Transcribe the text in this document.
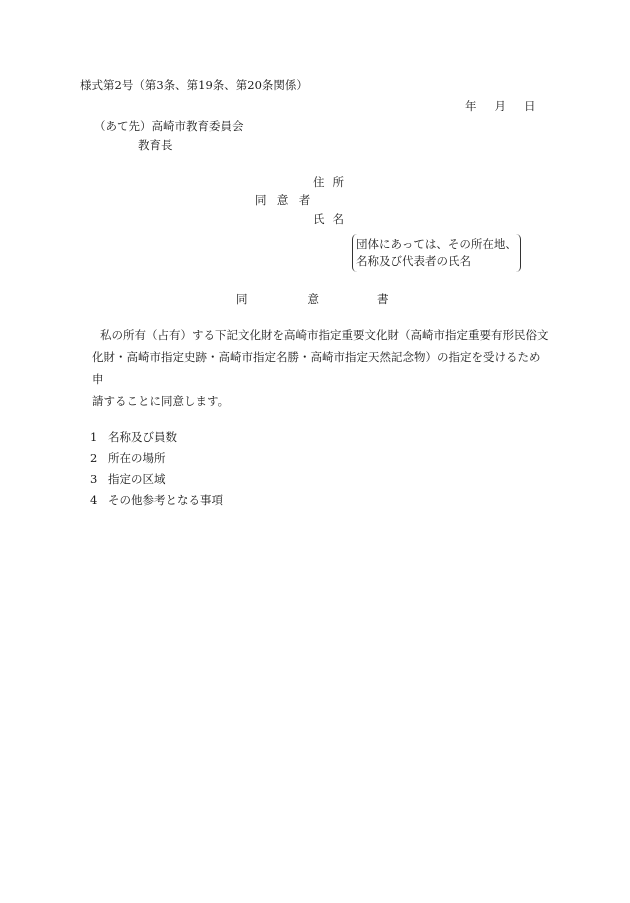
様式第2号（第3条、第19条、第20条関係）
年 月 日
（あて先）高崎市教育委員会
教育長
住所
同意者
氏名
団体にあっては、その所在地、
名称及び代表者の氏名
同	意	書
私の所有（占有）する下記文化財を高崎市指定重要文化財（高崎市指定重要有形民俗文
化財・高崎市指定史跡・高崎市指定名勝・高崎市指定天然記念物）の指定を受けるため申
請することに同意します。
1 名称及び員数
2 所在の場所
3 指定の区域
4 その他参考となる事項
